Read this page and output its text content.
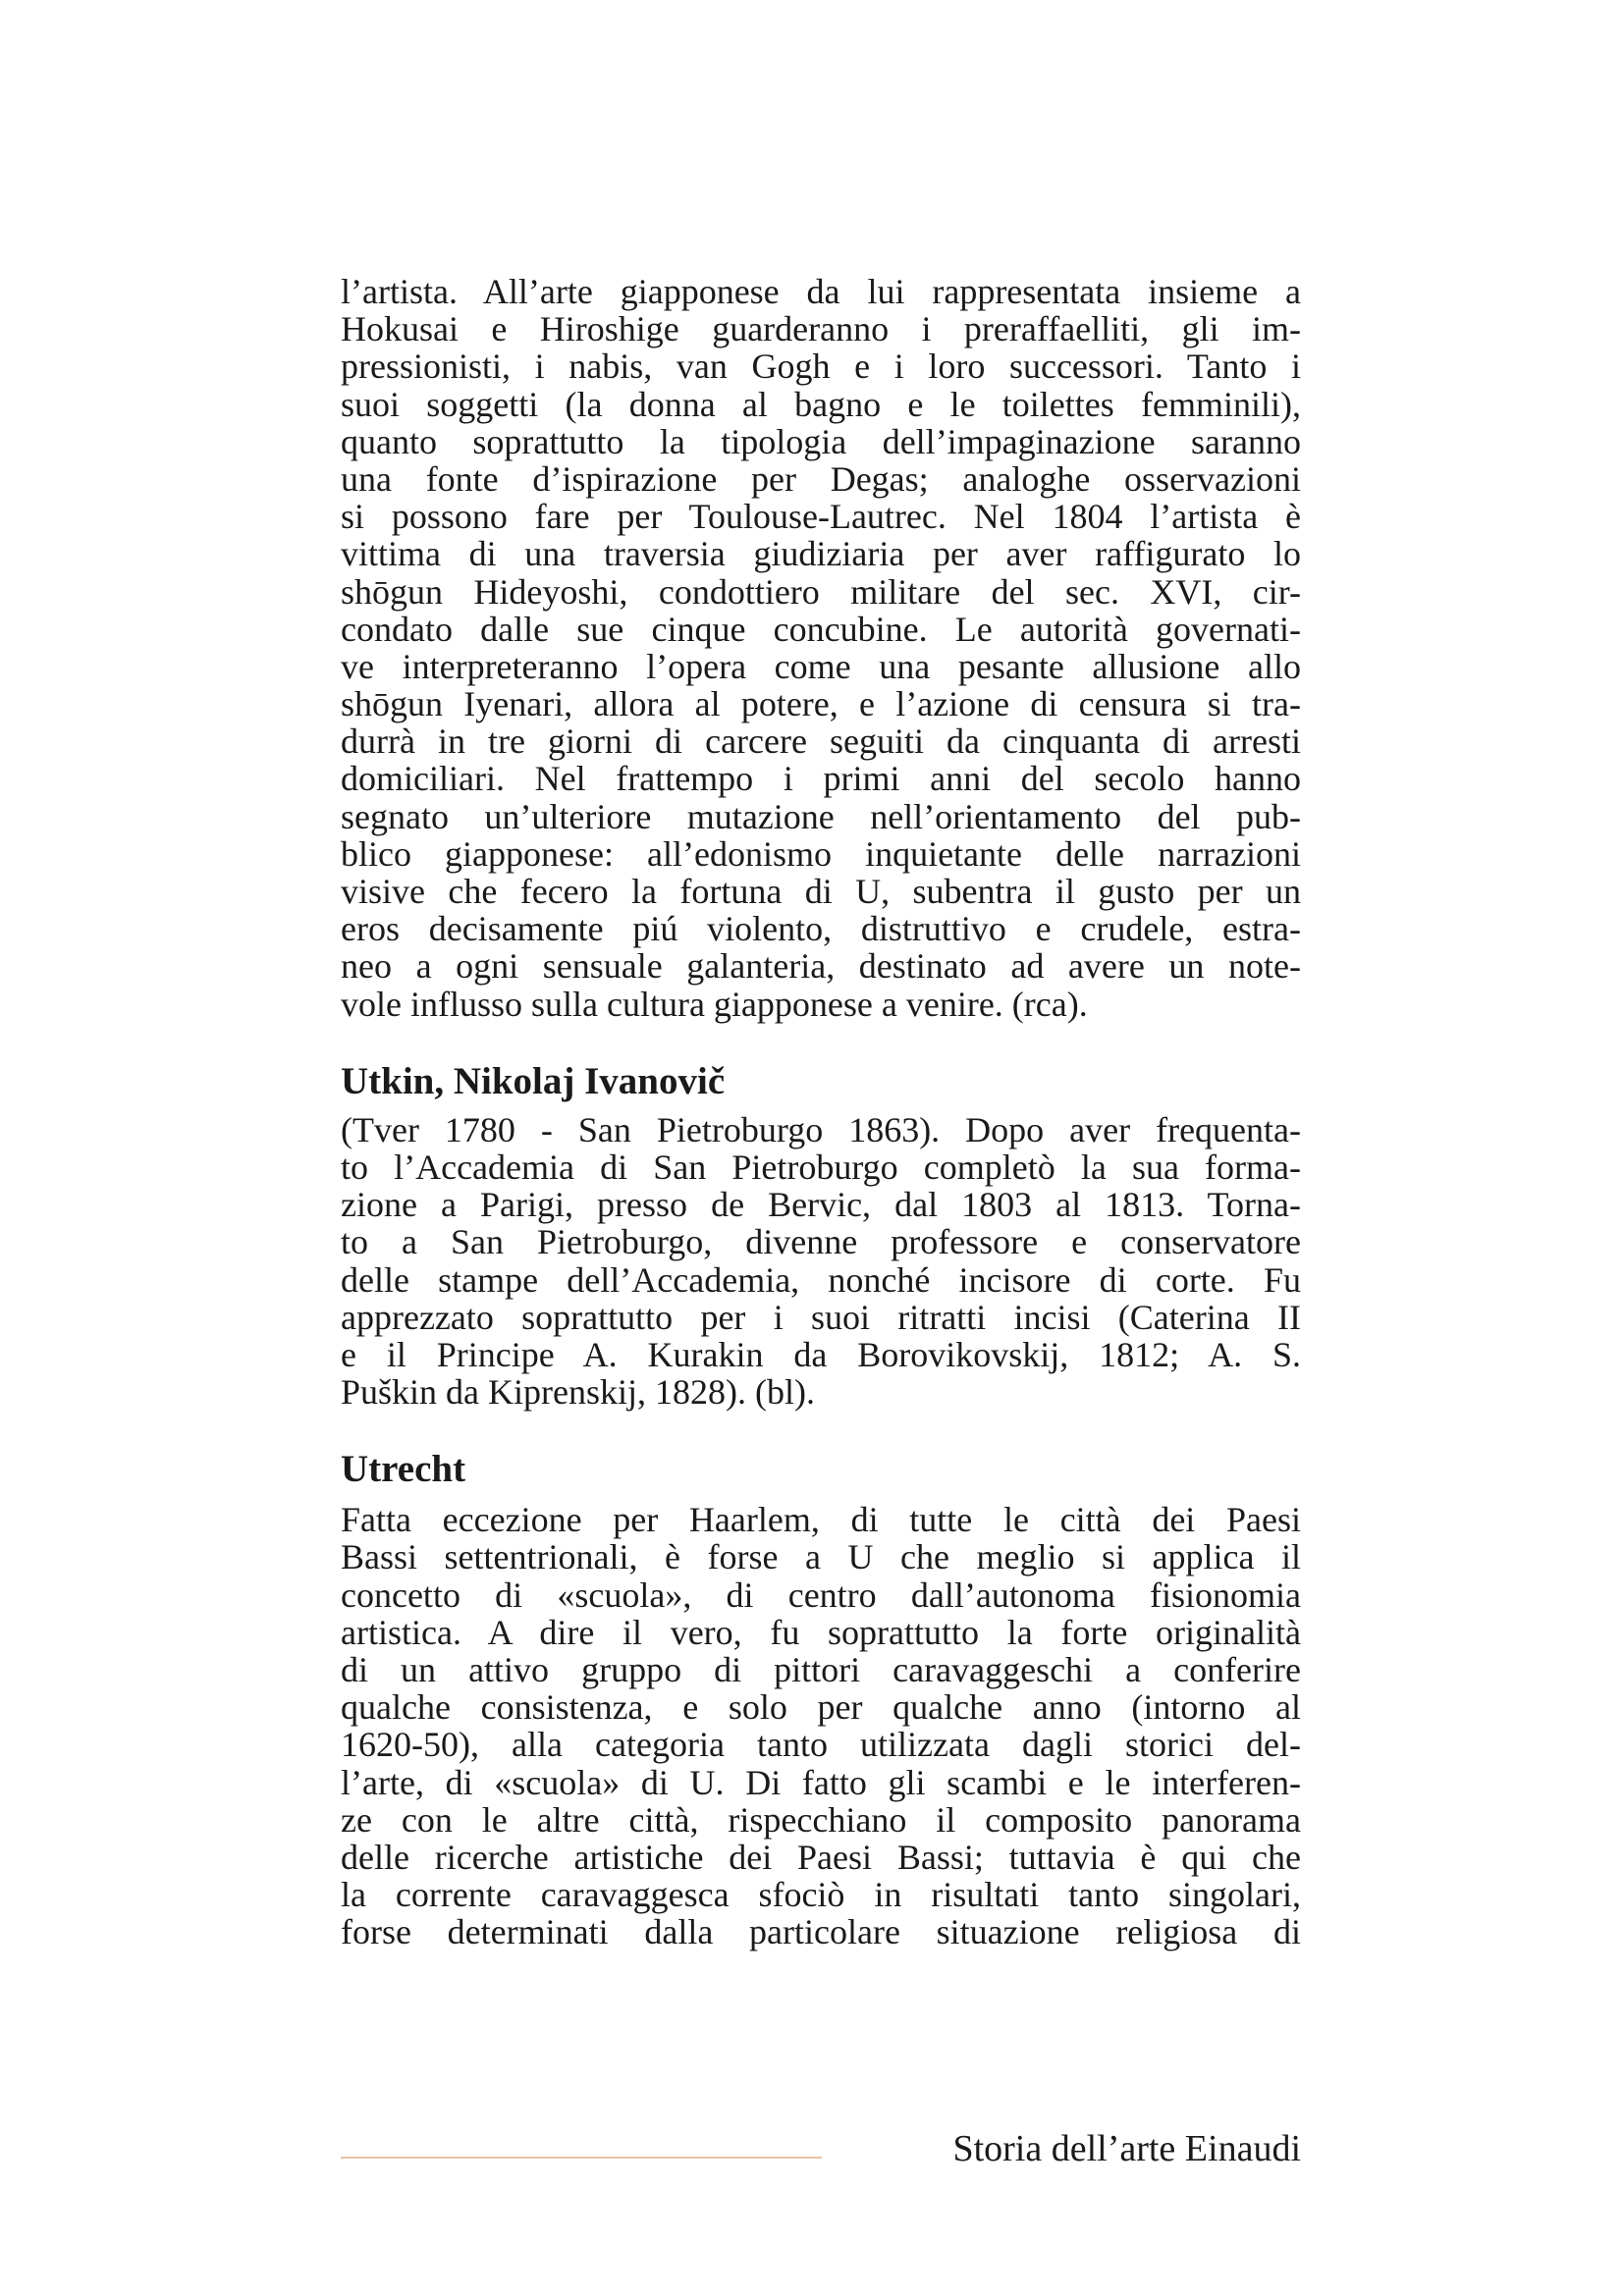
l’artista. All’arte giapponese da lui rappresentata insieme a
Hokusai e Hiroshige guarderanno i preraffaelliti, gli im-
pressionisti, i nabis, van Gogh e i loro successori. Tanto i
suoi soggetti (la donna al bagno e le toilettes femminili),
quanto soprattutto la tipologia dell’impaginazione saranno
una fonte d’ispirazione per Degas; analoghe osservazioni
si possono fare per Toulouse-Lautrec. Nel 1804 l’artista è
vittima di una traversia giudiziaria per aver raffigurato lo
shōgun Hideyoshi, condottiero militare del sec. XVI, cir-
condato dalle sue cinque concubine. Le autorità governati-
ve interpreteranno l’opera come una pesante allusione allo
shōgun Iyenari, allora al potere, e l’azione di censura si tra-
durrà in tre giorni di carcere seguiti da cinquanta di arresti
domiciliari. Nel frattempo i primi anni del secolo hanno
segnato un’ulteriore mutazione nell’orientamento del pub-
blico giapponese: all’edonismo inquietante delle narrazioni
visive che fecero la fortuna di U, subentra il gusto per un
eros decisamente piú violento, distruttivo e crudele, estra-
neo a ogni sensuale galanteria, destinato ad avere un note-
vole influsso sulla cultura giapponese a venire. (rca).
Utkin, Nikolaj Ivanovič
(Tver 1780 - San Pietroburgo 1863). Dopo aver frequenta-
to l’Accademia di San Pietroburgo completò la sua forma-
zione a Parigi, presso de Bervic, dal 1803 al 1813. Torna-
to a San Pietroburgo, divenne professore e conservatore
delle stampe dell’Accademia, nonché incisore di corte. Fu
apprezzato soprattutto per i suoi ritratti incisi (Caterina II
e il Principe A. Kurakin da Borovikovskij, 1812; A. S.
Puškin da Kiprenskij, 1828). (bl).
Utrecht
Fatta eccezione per Haarlem, di tutte le città dei Paesi
Bassi settentrionali, è forse a U che meglio si applica il
concetto di «scuola», di centro dall’autonoma fisionomia
artistica. A dire il vero, fu soprattutto la forte originalità
di un attivo gruppo di pittori caravaggeschi a conferire
qualche consistenza, e solo per qualche anno (intorno al
1620-50), alla categoria tanto utilizzata dagli storici del-
l’arte, di «scuola» di U. Di fatto gli scambi e le interferen-
ze con le altre città, rispecchiano il composito panorama
delle ricerche artistiche dei Paesi Bassi; tuttavia è qui che
la corrente caravaggesca sfociò in risultati tanto singolari,
forse determinati dalla particolare situazione religiosa di
Storia dell’arte Einaudi
